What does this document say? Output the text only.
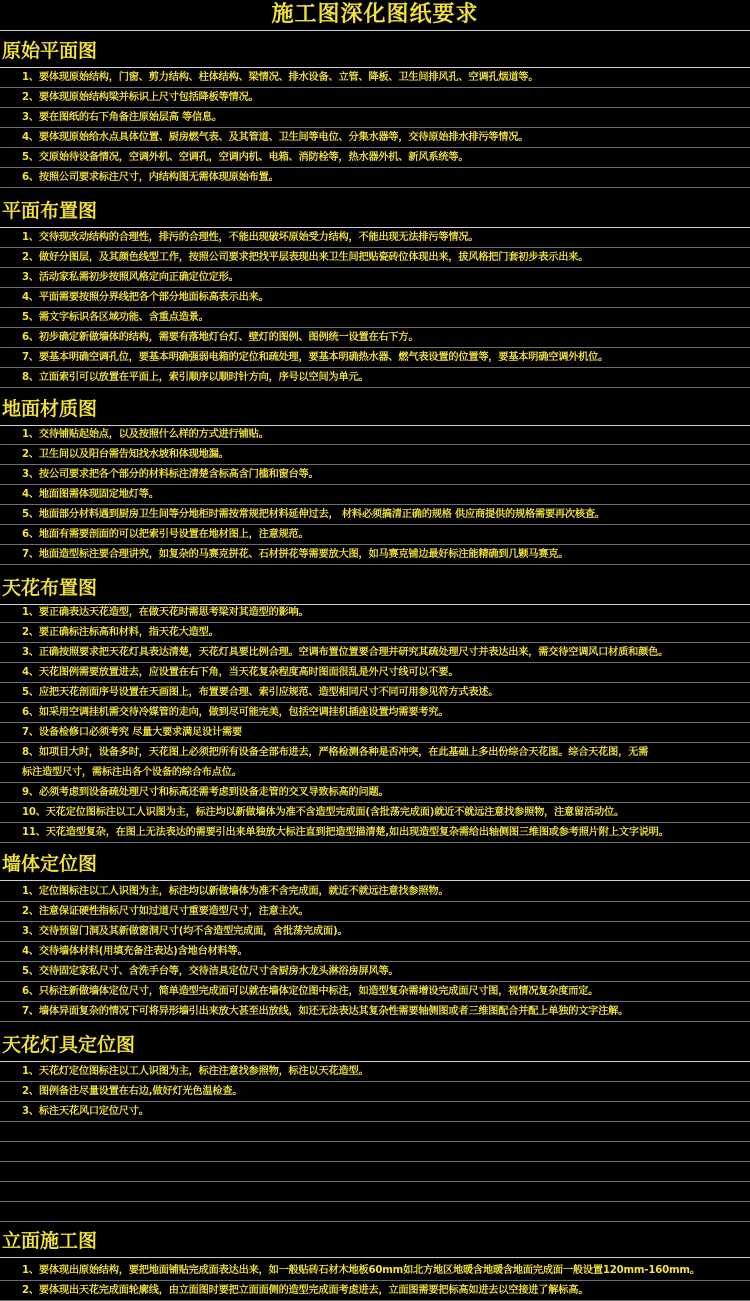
施工图深化图纸要求
原始平面图
1、要体现原始结构，门窗、剪力结构、柱体结构、梁情况、排水设备、立管、降板、卫生间排风孔、空调孔烟道等。
2、要体现原始结构梁并标识上尺寸包括降板等情况。
3、要在图纸的右下角备注原始层高 等信息。
4、要体现原始给水点具体位置、厨房燃气表、及其管道、卫生间等电位、分集水器等，交待原始排水排污等情况。
5、交原始待设备情况，空调外机、空调孔，空调内机、电箱、消防栓等，热水器外机、新风系统等。
6、按照公司要求标注尺寸，内结构图无需体现原始布置。
平面布置图
1、交待现改动结构的合理性，排污的合理性，不能出现破坏原始受力结构，不能出现无法排污等情况。
2、做好分图层，及其颜色线型工作，按照公司要求把找平层表现出来卫生间把贴瓷砖位体现出来，拔风格把门套初步表示出来。
3、活动家私需初步按照风格定向正确定位定形。
4、平面需要按照分界线把各个部分地面标高表示出来。
5、需文字标识各区域功能、含重点造景。
6、初步确定新做墙体的结构，需要有落地灯台灯、壁灯的图例、图例统一设置在右下方。
7、要基本明确空调孔位，要基本明确强弱电箱的定位和疏处理，要基本明确热水器、燃气表设置的位置等，要基本明确空调外机位。
8、立面索引可以放置在平面上，索引顺序以顺时针方向，序号以空间为单元。
地面材质图
1、交待铺贴起始点，以及按照什么样的方式进行铺贴。
2、卫生间以及阳台需告知找水坡和体现地漏。
3、按公司要求把各个部分的材料标注清楚含标高含门槛和窗台等。
4、地面图需体现固定地灯等。
5、地面部分材料遇到厨房卫生间等分地柜时需按常规把材料延伸过去， 材料必须搞清正确的规格 供应商提供的规格需要再次核查。
6、地面有需要剖面的可以把索引号设置在地材图上，注意规范。
7、地面造型标注要合理讲究，如复杂的马赛克拼花、石材拼花等需要放大图，如马赛克铺边最好标注能精确到几颗马赛克。
天花布置图
1、要正确表达天花造型，在做天花时需思考梁对其造型的影响。
2、要正确标注标高和材料，指天花大造型。
3、正确按照要求把天花灯具表达清楚，天花灯具要比例合理。空调布置位置要合理并研究其疏处理尺寸并表达出来，需交待空调风口材质和颜色。
4、天花图例需要放置进去，应设置在右下角，当天花复杂程度高时图面很乱是外尺寸线可以不要。
5、应把天花剖面序号设置在天画图上，布置要合理、索引应规范、造型相同尺寸不同可用参见符方式表述。
6、如采用空调挂机需交待冷媒管的走向，做到尽可能完美，包括空调挂机插座设置均需要考究。
7、设备检修口必须考究 尽量大要求满足设计需要
8、如项目大时，设备多时，天花图上必须把所有设备全部布进去，严格检测各种是否冲突，在此基础上多出份综合天花图。综合天花图，无需
标注造型尺寸，需标注出各个设备的综合布点位。
9、必须考虑到设备疏处理尺寸和标高还需考虑到设备走管的交叉导致标高的问题。
10、天花定位图标注以工人识图为主，标注均以新做墙体为准不含造型完成面(含批荡完成面)就近不就远注意找参照物，注意留活动位。
11、天花造型复杂，在图上无法表达的需要引出来单独放大标注直到把造型描清楚,如出现造型复杂需给出轴侧图三维图或参考照片附上文字说明。
墙体定位图
1、定位图标注以工人识图为主，标注均以新做墙体为准不含完成面，就近不就远注意找参照物。
2、注意保证硬性指标尺寸如过道尺寸重要造型尺寸，注意主次。
3、交待预留门洞及其新做窗洞尺寸(均不含造型完成面，含批荡完成面)。
4、交待墙体材料(用填充备注表达)含地台材料等。
5、交待固定家私尺寸、含洗手台等，交待洁具定位尺寸含厨房水龙头淋浴房屏风等。
6、只标注新做墙体定位尺寸，简单造型完成面可以就在墙体定位图中标注，如造型复杂需增设完成面尺寸图，视情况复杂度而定。
7、墙体异面复杂的情况下可将异形墙引出来放大甚至出放线，如还无法表达其复杂性需要轴侧图或者三维图配合并配上单独的文字注解。
天花灯具定位图
1、天花灯定位图标注以工人识图为主，标注注意找参照物，标注以天花造型。
2、图例备注尽量设置在右边,做好灯光色温检查。
3、标注天花风口定位尺寸。
立面施工图
1、要体现出原始结构，要把地面铺贴完成面表达出来，如一般贴砖石材木地板60mm如北方地区地暖含地暖含地面完成面一般设置120mm-160mm。
2、要体现出天花完成面轮廓线，由立面图时要把立面面侧的造型完成面考虑进去，立面图需要把标高如进去以空接进了解标高。
